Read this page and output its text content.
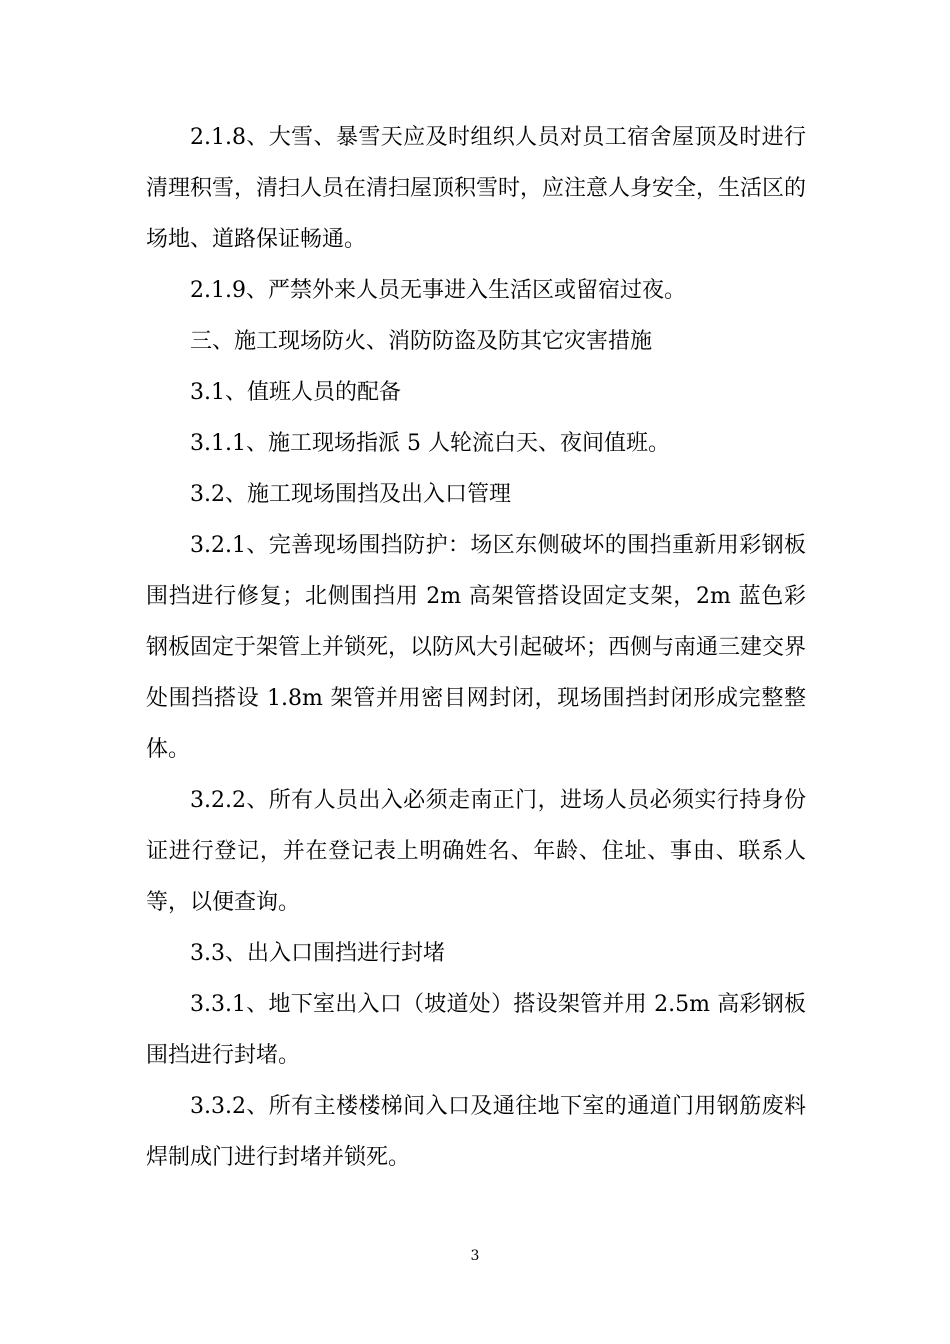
2.1.8、大雪、暴雪天应及时组织人员对员工宿舍屋顶及时进行清理积雪，清扫人员在清扫屋顶积雪时，应注意人身安全，生活区的场地、道路保证畅通。

2.1.9、严禁外来人员无事进入生活区或留宿过夜。

三、施工现场防火、消防防盗及防其它灾害措施

3.1、值班人员的配备

3.1.1、施工现场指派 5 人轮流白天、夜间值班。

3.2、施工现场围挡及出入口管理

3.2.1、完善现场围挡防护：场区东侧破坏的围挡重新用彩钢板围挡进行修复；北侧围挡用 2m 高架管搭设固定支架，2m 蓝色彩钢板固定于架管上并锁死，以防风大引起破坏；西侧与南通三建交界处围挡搭设 1.8m 架管并用密目网封闭，现场围挡封闭形成完整整体。

3.2.2、所有人员出入必须走南正门，进场人员必须实行持身份证进行登记，并在登记表上明确姓名、年龄、住址、事由、联系人等，以便查询。

3.3、出入口围挡进行封堵

3.3.1、地下室出入口（坡道处）搭设架管并用 2.5m 高彩钢板围挡进行封堵。

3.3.2、所有主楼楼梯间入口及通往地下室的通道门用钢筋废料焊制成门进行封堵并锁死。

3
